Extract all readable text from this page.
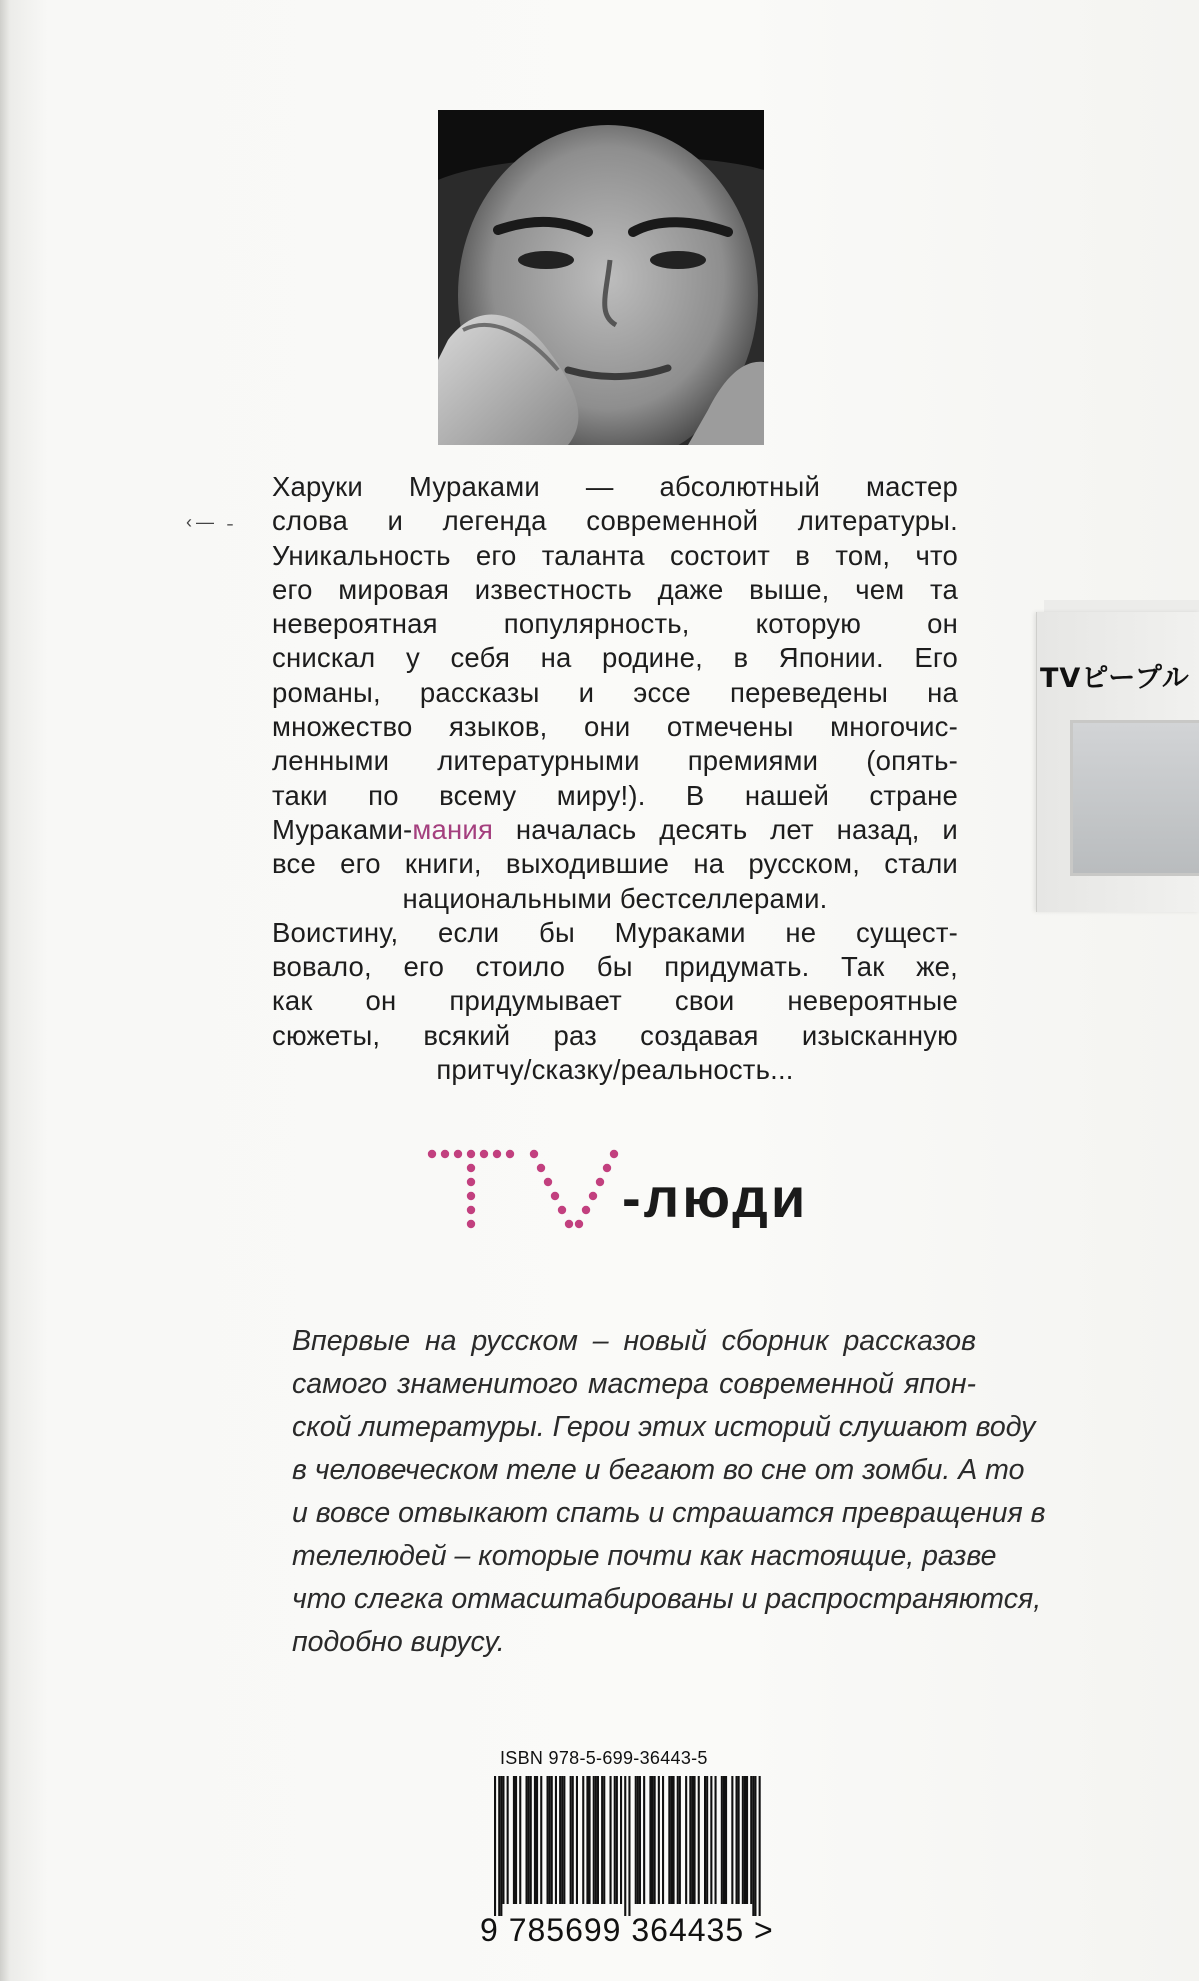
‹— ˗

Харуки Мураками — абсолютный мастер

слова и легенда современной литературы.

Уникальность его таланта состоит в том, что

его мировая известность даже выше, чем та

невероятная популярность, которую он

снискал у себя на родине, в Японии. Его

романы, рассказы и эссе переведены на

множество языков, они отмечены многочис-

ленными литературными премиями (опять-

таки по всему миру!). В нашей стране

Мураками-мания началась десять лет назад, и

все его книги, выходившие на русском, стали

национальными бестселлерами.

Воистину, если бы Мураками не сущест-

вовало, его стоило бы придумать. Так же,

как он придумывает свои невероятные

сюжеты, всякий раз создавая изысканную

притчу/сказку/реальность...

TVピープル
-люди
Впервые на русском – новый сборник рассказов
самого знаменитого мастера современной япон-
ской литературы. Герои этих историй слушают воду
в человеческом теле и бегают во сне от зомби. А то
и вовсе отвыкают спать и страшатся превращения в
телелюдей – которые почти как настоящие, разве
что слегка отмасштабированы и распространяются,
подобно вирусу.
ISBN 978-5-699-36443-5
9 785699 364435 >
